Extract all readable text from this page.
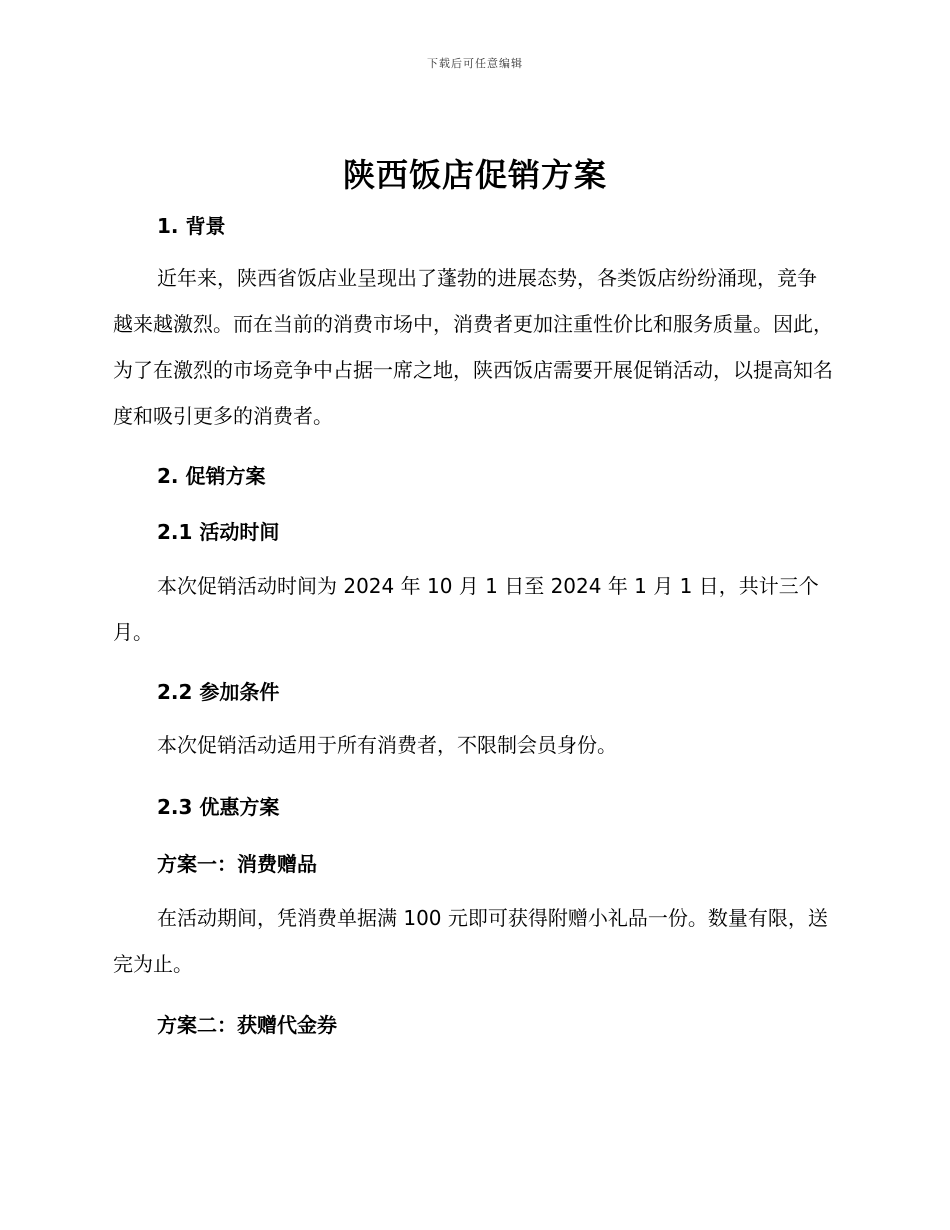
下载后可任意编辑
陕西饭店促销方案
1. 背景

近年来，陕西省饭店业呈现出了蓬勃的进展态势，各类饭店纷纷涌现，竞争越来越激烈。而在当前的消费市场中，消费者更加注重性价比和服务质量。因此，为了在激烈的市场竞争中占据一席之地，陕西饭店需要开展促销活动，以提高知名度和吸引更多的消费者。

2. 促销方案
2.1 活动时间

本次促销活动时间为 2024 年 10 月 1 日至 2024 年 1 月 1 日，共计三个月。

2.2 参加条件

本次促销活动适用于所有消费者，不限制会员身份。

2.3 优惠方案
方案一：消费赠品

在活动期间，凭消费单据满 100 元即可获得附赠小礼品一份。数量有限，送完为止。

方案二：获赠代金券
